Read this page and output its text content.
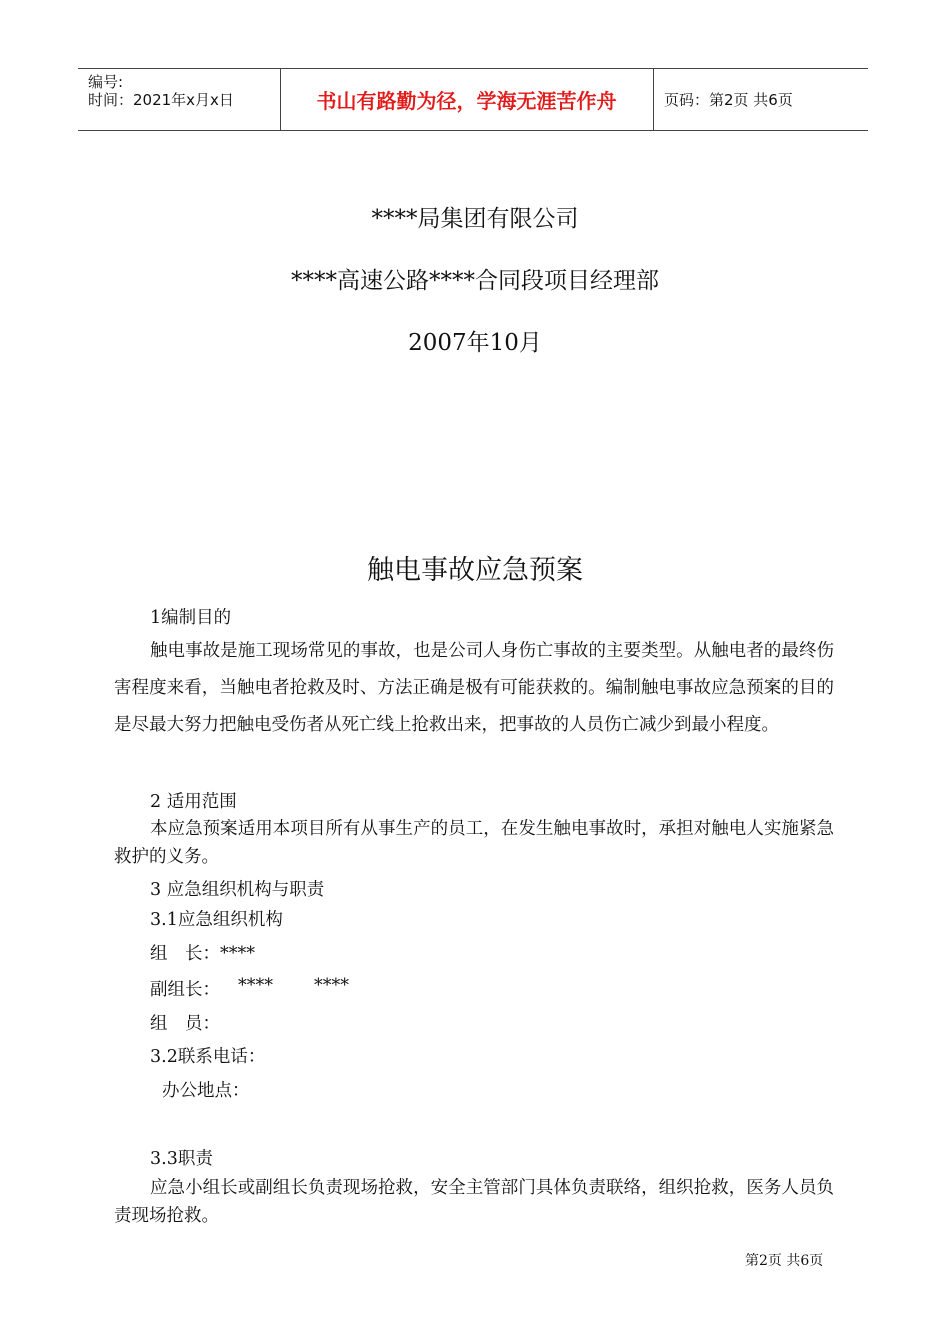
编号:
时间：2021年x月x日	书山有路勤为径，学海无涯苦作舟	页码：第2页 共6页
****局集团有限公司
****高速公路****合同段项目经理部
2007年10月
触电事故应急预案
1编制目的
触电事故是施工现场常见的事故，也是公司人身伤亡事故的主要类型。从触电者的最终伤害程度来看，当触电者抢救及时、方法正确是极有可能获救的。编制触电事故应急预案的目的是尽最大努力把触电受伤者从死亡线上抢救出来，把事故的人员伤亡减少到最小程度。
2 适用范围
本应急预案适用本项目所有从事生产的员工，在发生触电事故时，承担对触电人实施紧急救护的义务。
3 应急组织机构与职责
3.1应急组织机构
组　长：****
副组长： **** ****
组　员：
3.2联系电话：
办公地点：
3.3职责
应急小组长或副组长负责现场抢救，安全主管部门具体负责联络，组织抢救，医务人员负责现场抢救。
第2页 共6页
